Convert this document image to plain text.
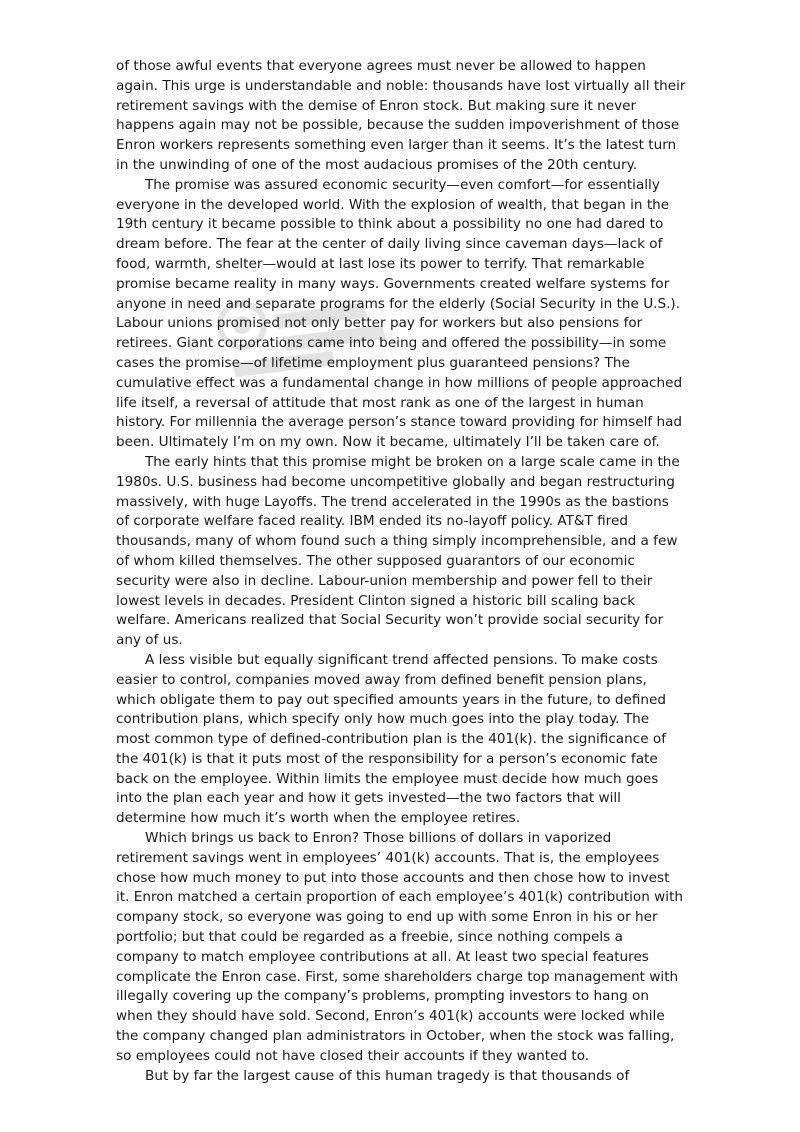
of those awful events that everyone agrees must never be allowed to happen again. This urge is understandable and noble: thousands have lost virtually all their retirement savings with the demise of Enron stock. But making sure it never happens again may not be possible, because the sudden impoverishment of those Enron workers represents something even larger than it seems. It’s the latest turn in the unwinding of one of the most audacious promises of the 20th century.

The promise was assured economic security—even comfort—for essentially everyone in the developed world. With the explosion of wealth, that began in the 19th century it became possible to think about a possibility no one had dared to dream before. The fear at the center of daily living since caveman days—lack of food, warmth, shelter—would at last lose its power to terrify. That remarkable promise became reality in many ways. Governments created welfare systems for anyone in need and separate programs for the elderly (Social Security in the U.S.). Labour unions promised not only better pay for workers but also pensions for retirees. Giant corporations came into being and offered the possibility—in some cases the promise—of lifetime employment plus guaranteed pensions? The cumulative effect was a fundamental change in how millions of people approached life itself, a reversal of attitude that most rank as one of the largest in human history. For millennia the average person’s stance toward providing for himself had been. Ultimately I’m on my own. Now it became, ultimately I’ll be taken care of.

The early hints that this promise might be broken on a large scale came in the 1980s. U.S. business had become uncompetitive globally and began restructuring massively, with huge Layoffs. The trend accelerated in the 1990s as the bastions of corporate welfare faced reality. IBM ended its no-layoff policy. AT&T fired thousands, many of whom found such a thing simply incomprehensible, and a few of whom killed themselves. The other supposed guarantors of our economic security were also in decline. Labour-union membership and power fell to their lowest levels in decades. President Clinton signed a historic bill scaling back welfare. Americans realized that Social Security won’t provide social security for any of us.

A less visible but equally significant trend affected pensions. To make costs easier to control, companies moved away from defined benefit pension plans, which obligate them to pay out specified amounts years in the future, to defined contribution plans, which specify only how much goes into the play today. The most common type of defined-contribution plan is the 401(k). the significance of the 401(k) is that it puts most of the responsibility for a person’s economic fate back on the employee. Within limits the employee must decide how much goes into the plan each year and how it gets invested—the two factors that will determine how much it’s worth when the employee retires.

Which brings us back to Enron? Those billions of dollars in vaporized retirement savings went in employees’ 401(k) accounts. That is, the employees chose how much money to put into those accounts and then chose how to invest it. Enron matched a certain proportion of each employee’s 401(k) contribution with company stock, so everyone was going to end up with some Enron in his or her portfolio; but that could be regarded as a freebie, since nothing compels a company to match employee contributions at all. At least two special features complicate the Enron case. First, some shareholders charge top management with illegally covering up the company’s problems, prompting investors to hang on when they should have sold. Second, Enron’s 401(k) accounts were locked while the company changed plan administrators in October, when the stock was falling, so employees could not have closed their accounts if they wanted to.

But by far the largest cause of this human tragedy is that thousands of
